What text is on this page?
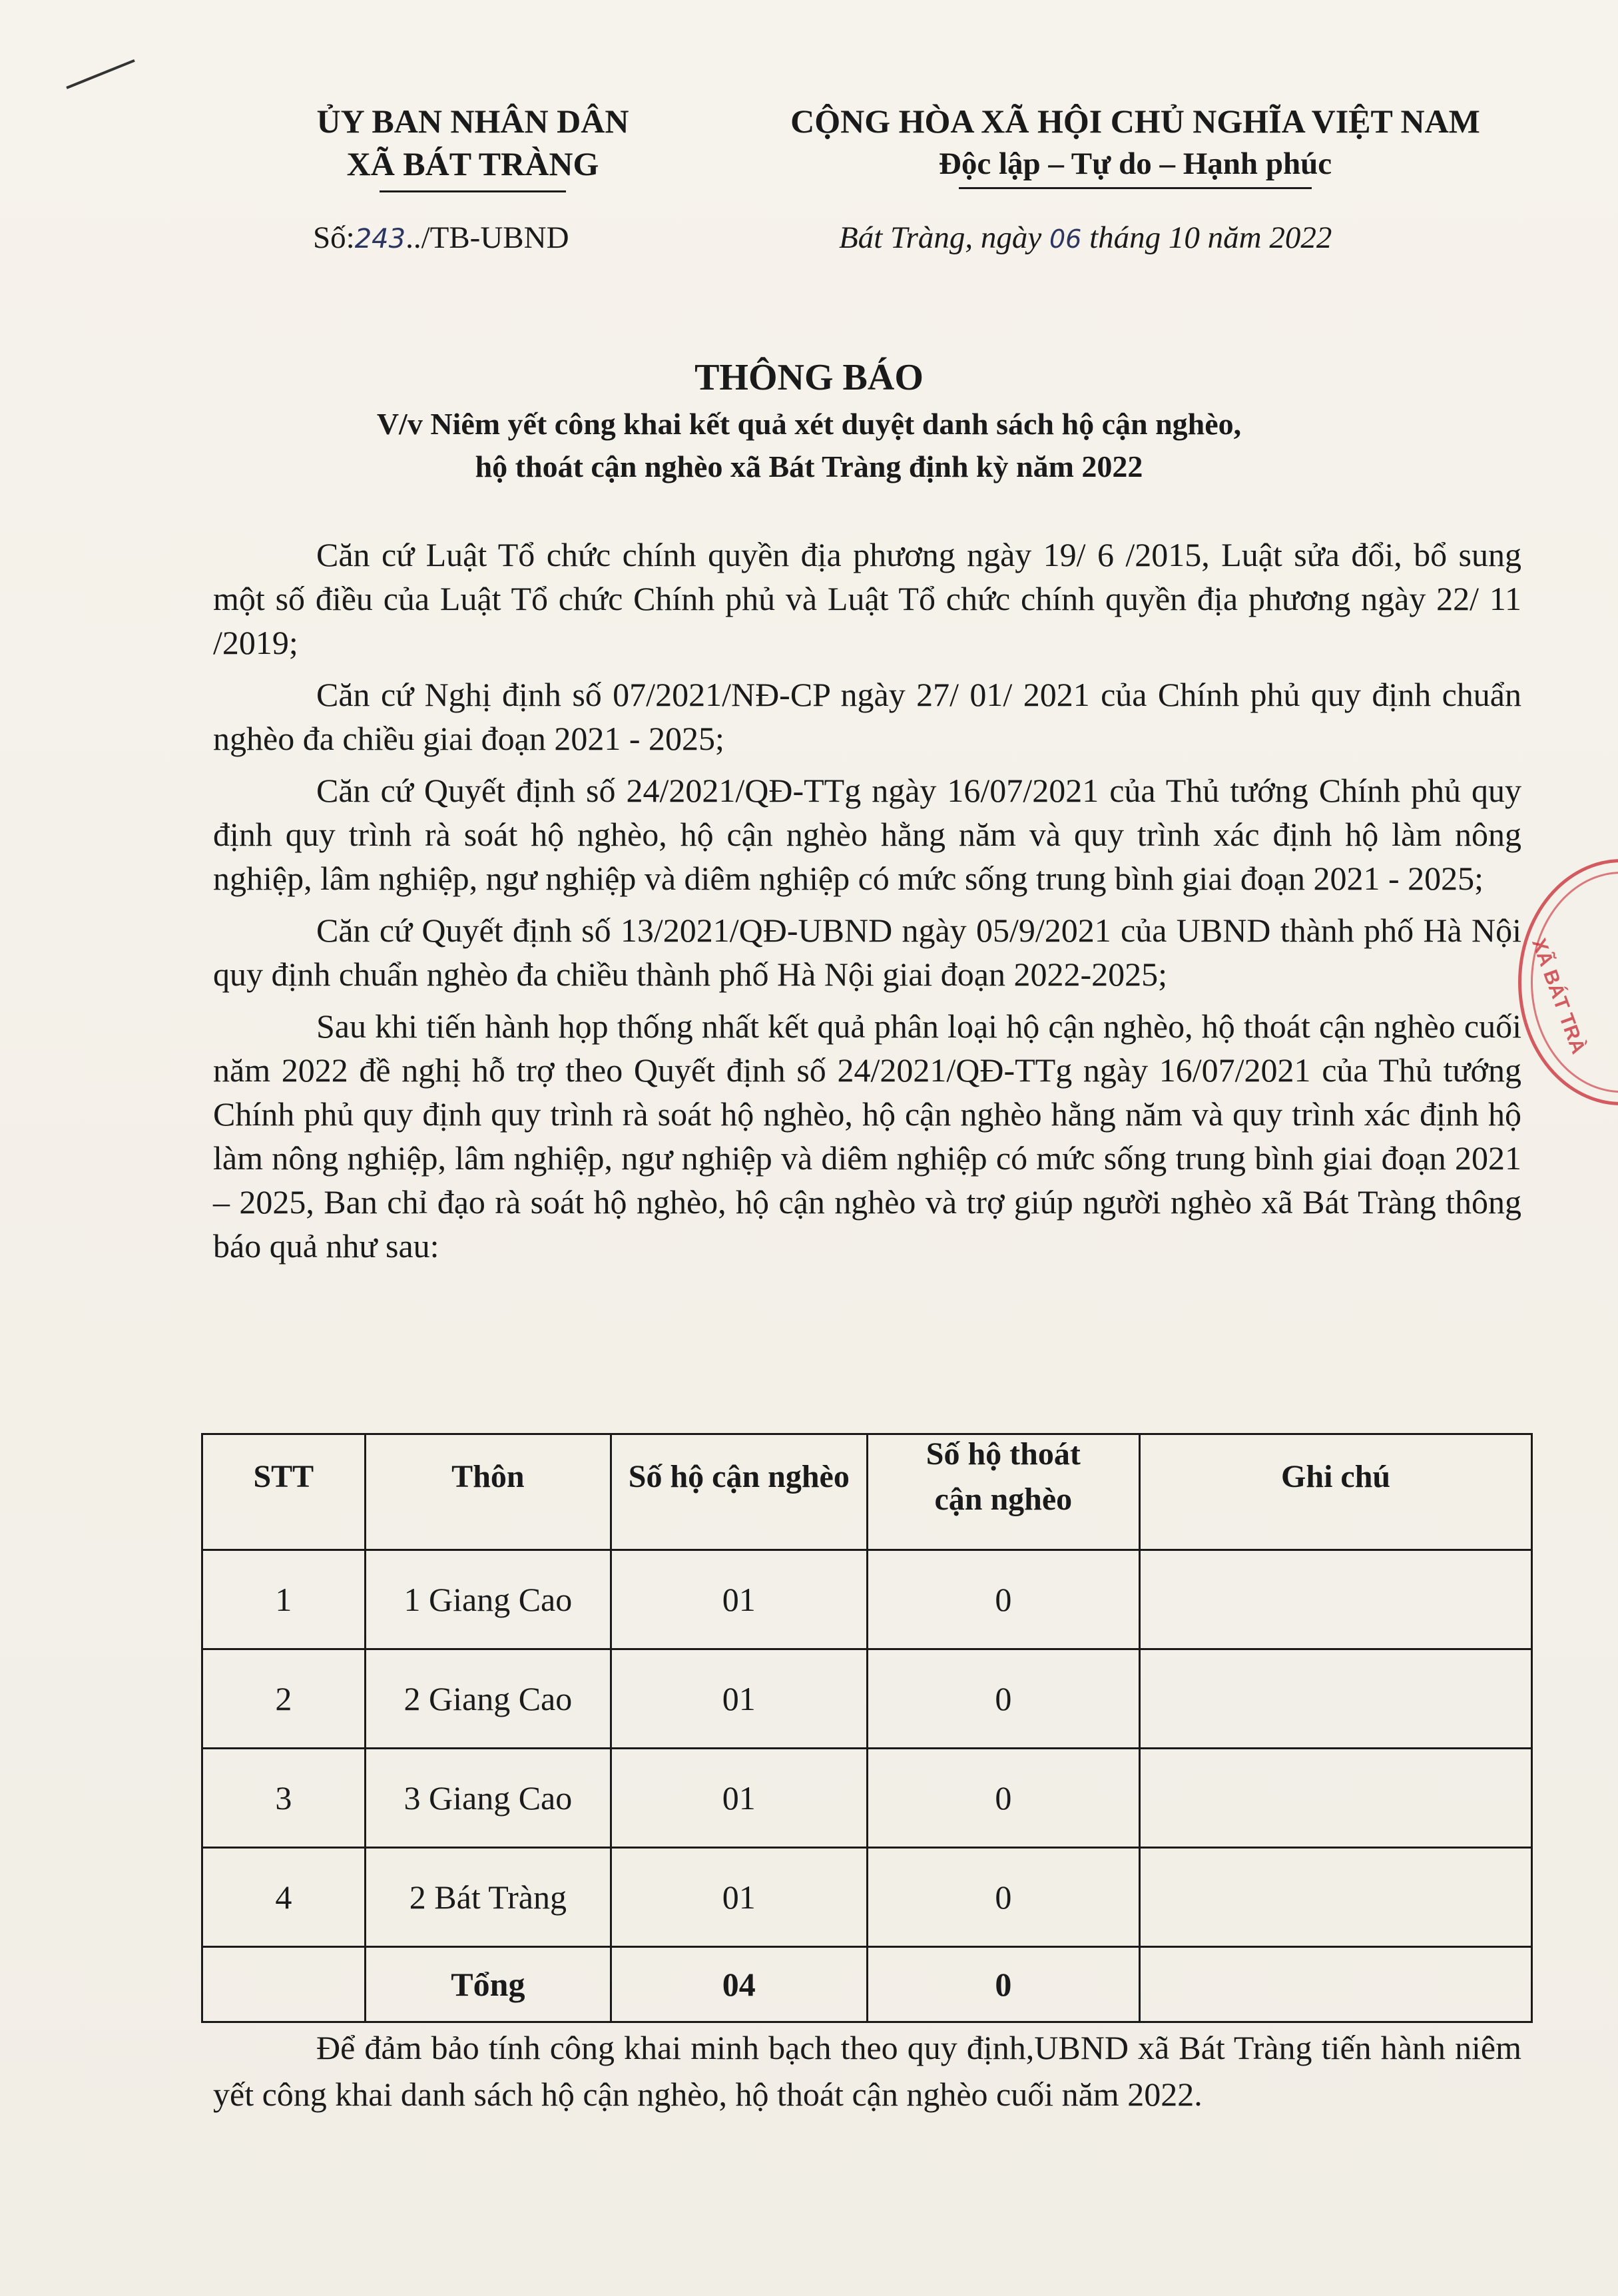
ỦY BAN NHÂN DÂN
XÃ BÁT TRÀNG
CỘNG HÒA XÃ HỘI CHỦ NGHĨA VIỆT NAM
Độc lập – Tự do – Hạnh phúc
Số:243../TB-UBND	Bát Tràng, ngày 06 tháng 10 năm 2022
THÔNG BÁO
V/v Niêm yết công khai kết quả xét duyệt danh sách hộ cận nghèo,
hộ thoát cận nghèo xã Bát Tràng định kỳ năm 2022

Căn cứ Luật Tổ chức chính quyền địa phương ngày 19/ 6 /2015, Luật sửa đổi, bổ sung một số điều của Luật Tổ chức Chính phủ và Luật Tổ chức chính quyền địa phương ngày 22/ 11 /2019;

Căn cứ Nghị định số 07/2021/NĐ-CP ngày 27/ 01/ 2021 của Chính phủ quy định chuẩn nghèo đa chiều giai đoạn 2021 - 2025;

Căn cứ Quyết định số 24/2021/QĐ-TTg ngày 16/07/2021 của Thủ tướng Chính phủ quy định quy trình rà soát hộ nghèo, hộ cận nghèo hằng năm và quy trình xác định hộ làm nông nghiệp, lâm nghiệp, ngư nghiệp và diêm nghiệp có mức sống trung bình giai đoạn 2021 - 2025;

Căn cứ Quyết định số 13/2021/QĐ-UBND ngày 05/9/2021 của UBND thành phố Hà Nội quy định chuẩn nghèo đa chiều thành phố Hà Nội giai đoạn 2022-2025;

Sau khi tiến hành họp thống nhất kết quả phân loại hộ cận nghèo, hộ thoát cận nghèo cuối năm 2022 đề nghị hỗ trợ theo Quyết định số 24/2021/QĐ-TTg ngày 16/07/2021 của Thủ tướng Chính phủ quy định quy trình rà soát hộ nghèo, hộ cận nghèo hằng năm và quy trình xác định hộ làm nông nghiệp, lâm nghiệp, ngư nghiệp và diêm nghiệp có mức sống trung bình giai đoạn 2021 – 2025, Ban chỉ đạo rà soát hộ nghèo, hộ cận nghèo và trợ giúp người nghèo xã Bát Tràng thông báo quả như sau:

STT	Thôn	Số hộ cận nghèo	Số hộ thoát cận nghèo	Ghi chú

1	1 Giang Cao	01	0	
2	2 Giang Cao	01	0	
3	3 Giang Cao	01	0	
4	2 Bát Tràng	01	0	
	Tổng	04	0	

Để đảm bảo tính công khai minh bạch theo quy định,UBND xã Bát Tràng tiến hành niêm yết công khai danh sách hộ cận nghèo, hộ thoát cận nghèo cuối năm 2022.

XÃ BÁT TRÀ
